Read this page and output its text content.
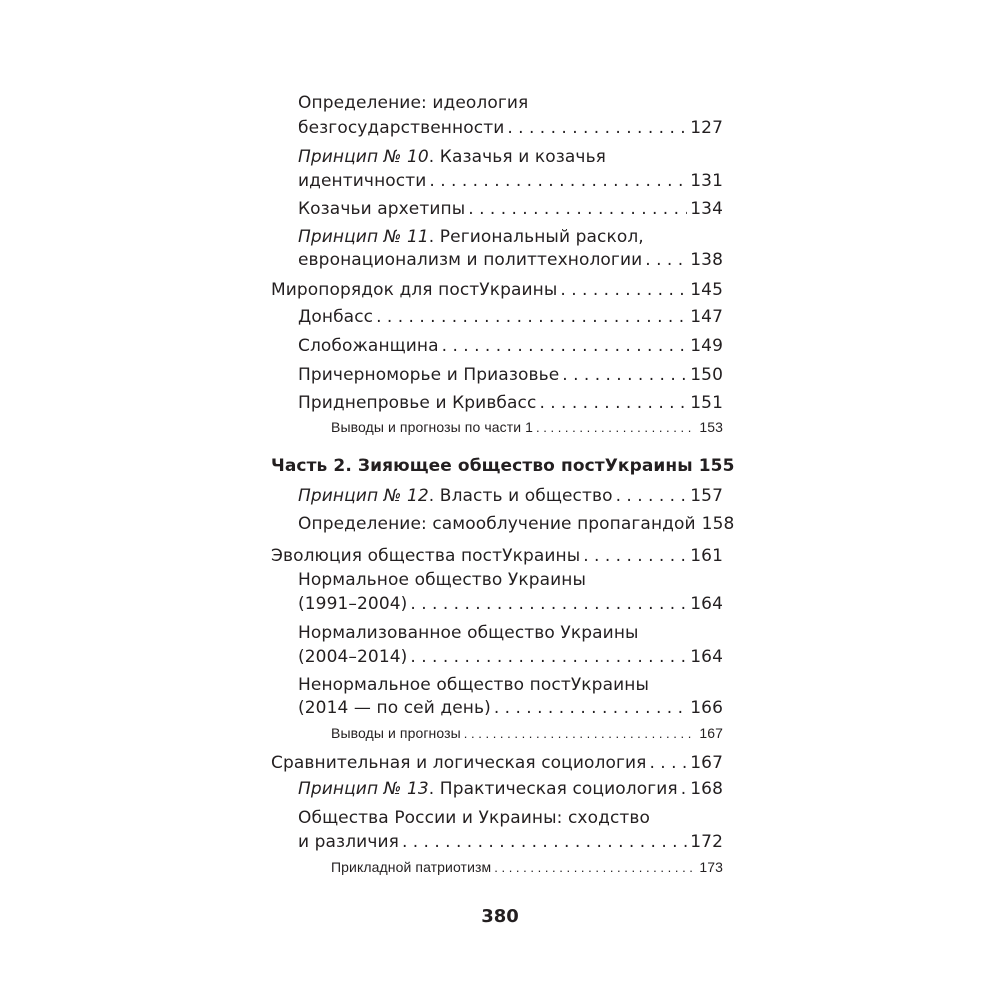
Определение: идеология
безгосударственности . . .	127
Принцип № 10 . Казачья и козачья
идентичности . . .	131
Козачьи архетипы . . .	134
Принцип № 11 . Региональный раскол,
евронационализм и политтехнологии . . .	138
Миропорядок для постУкраины . . .	145
Донбасс . . .	147
Слобожанщина . . .	149
Причерноморье и Приазовье . . .	150
Приднепровье и Кривбасс . . .	151
Выводы и прогнозы по части 1 . . .	153
Часть 2. Зияющее общество постУкраины 155
Принцип № 12 . Власть и общество . . .	157
Определение: самооблучение пропагандой 158
Эволюция общества постУкраины . . .	161
Нормальное общество Украины
(1991–2004) . . .	164
Нормализованное общество Украины
(2004–2014) . . .	164
Ненормальное общество постУкраины
(2014 — по сей день) . . .	166
Выводы и прогнозы . . .	167
Сравнительная и логическая социология . . .	167
Принцип № 13 . Практическая социология . . . 168
Общества России и Украины: сходство
и различия . . .	172
Прикладной патриотизм . . .	173
380
